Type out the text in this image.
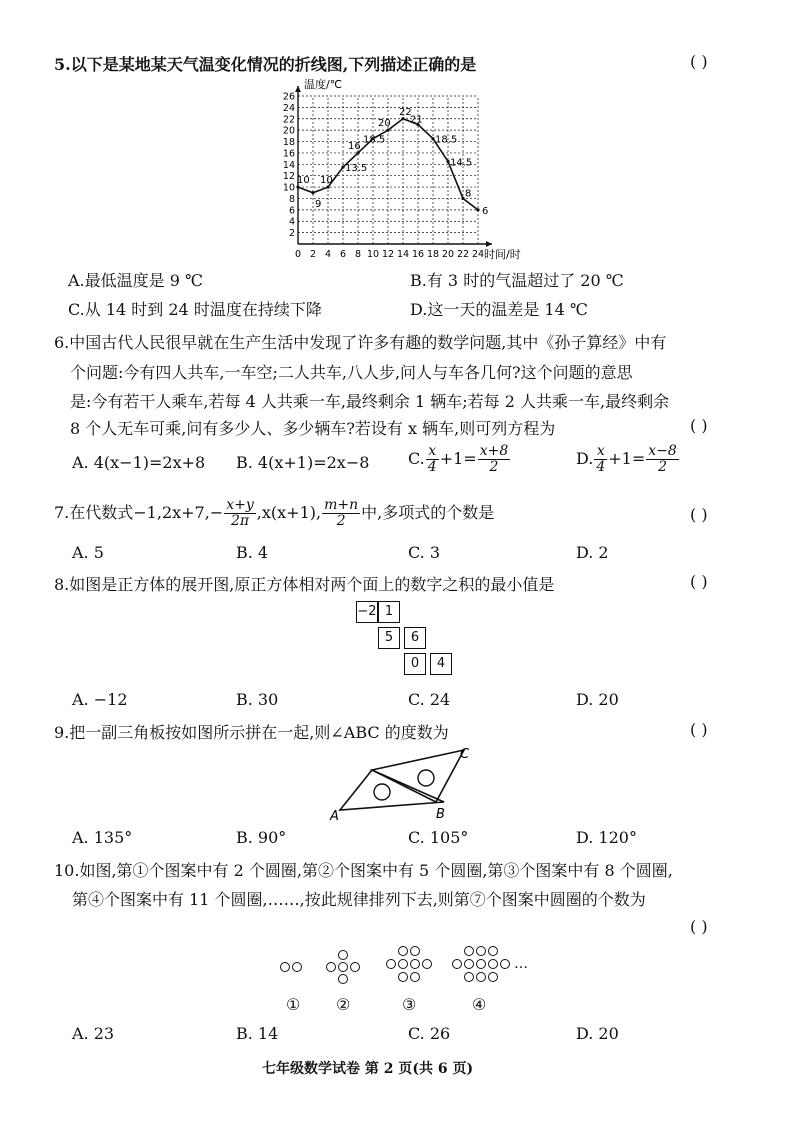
5.以下是某地某天气温变化情况的折线图,下列描述正确的是	( )
0 2 4 6 8 10 12 14 16 18 20 22 24
2
4
6
8
10
12
14
16
18
20
22
24
26
10
9
10
13.5
16
18.5
20
22
21
18.5
14.5
8
6
温度/℃
时间/时
A.最低温度是 9 ℃	B.有 3 时的气温超过了 20 ℃
C.从 14 时到 24 时温度在持续下降	D.这一天的温差是 14 ℃
6.中国古代人民很早就在生产生活中发现了许多有趣的数学问题,其中《孙子算经》中有
个问题:今有四人共车,一车空;二人共车,八人步,问人与车各几何?这个问题的意思
是:今有若干人乘车,若每 4 人共乘一车,最终剩余 1 辆车;若每 2 人共乘一车,最终剩余
8 个人无车可乘,问有多少人、多少辆车?若设有 x 辆车,则可列方程为	( )
A. 4(x−1)=2x+8 B. 4(x+1)=2x−8 C. $\frac{x}{4} +1= \frac{x+8}{2}$	D. $\frac{x}{4} +1= \frac{x-8}{2}$
7.在代数式$-1,2x+7,- \frac{x+y}{2\pi} ,x(x+1)$, $\frac{m+n}{2}$ 中,多项式的个数是	( )
A. 5	B. 4	C. 3	D. 2
8.如图是正方体的展开图,原正方体相对两个面上的数字之积的最小值是	( )
−2 1
5	6
0	4
A. −12	B. 30	C. 24	D. 20
9.把一副三角板按如图所示拼在一起,则∠ABC 的度数为	( )
A	B
C
A. 135°	B. 90°	C. 105°	D. 120°
10.如图,第①个图案中有 2 个圆圈,第②个图案中有 5 个圆圈,第③个图案中有 8 个圆圈,
第④个图案中有 11 个圆圈,……,按此规律排列下去,则第⑦个图案中圆圈的个数为
( )
…
① ②	③	④
A. 23	B. 14	C. 26	D. 20
七年级数学试卷 第 2 页(共 6 页)
